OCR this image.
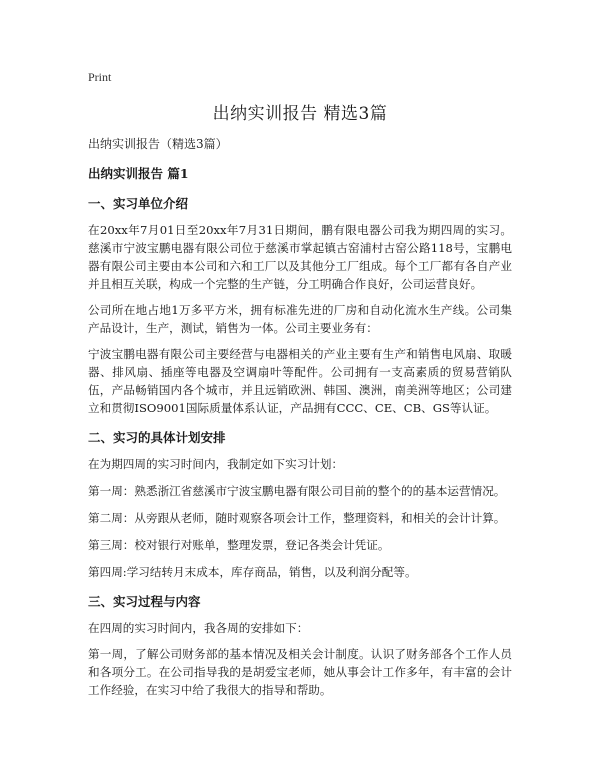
Print

出纳实训报告 精选3篇

出纳实训报告（精选3篇）

出纳实训报告 篇1
一、实习单位介绍

在20xx年7月01日至20xx年7月31日期间，鹏有限电器公司我为期四周的实习。慈溪市宁波宝鹏电器有限公司位于慈溪市掌起镇古窑浦村古窑公路118号，宝鹏电器有限公司主要由本公司和六和工厂以及其他分工厂组成。每个工厂都有各自产业并且相互关联，构成一个完整的生产链，分工明确合作良好，公司运营良好。

公司所在地占地1万多平方米，拥有标准先进的厂房和自动化流水生产线。公司集产品设计，生产，测试，销售为一体。公司主要业务有：

宁波宝鹏电器有限公司主要经营与电器相关的产业主要有生产和销售电风扇、取暖器、排风扇、插座等电器及空调扇叶等配件。公司拥有一支高素质的贸易营销队伍，产品畅销国内各个城市，并且远销欧洲、韩国、澳洲，南美洲等地区；公司建立和贯彻ISO9001国际质量体系认证，产品拥有CCC、CE、CB、GS等认证。

二、实习的具体计划安排

在为期四周的实习时间内，我制定如下实习计划：

第一周：熟悉浙江省慈溪市宁波宝鹏电器有限公司目前的整个的的基本运营情况。

第二周：从旁跟从老师，随时观察各项会计工作，整理资料，和相关的会计计算。

第三周：校对银行对账单，整理发票，登记各类会计凭证。

第四周:学习结转月末成本，库存商品，销售，以及利润分配等。

三、实习过程与内容

在四周的实习时间内，我各周的安排如下：

第一周，了解公司财务部的基本情况及相关会计制度。认识了财务部各个工作人员和各项分工。在公司指导我的是胡爱宝老师，她从事会计工作多年，有丰富的会计工作经验，在实习中给了我很大的指导和帮助。
